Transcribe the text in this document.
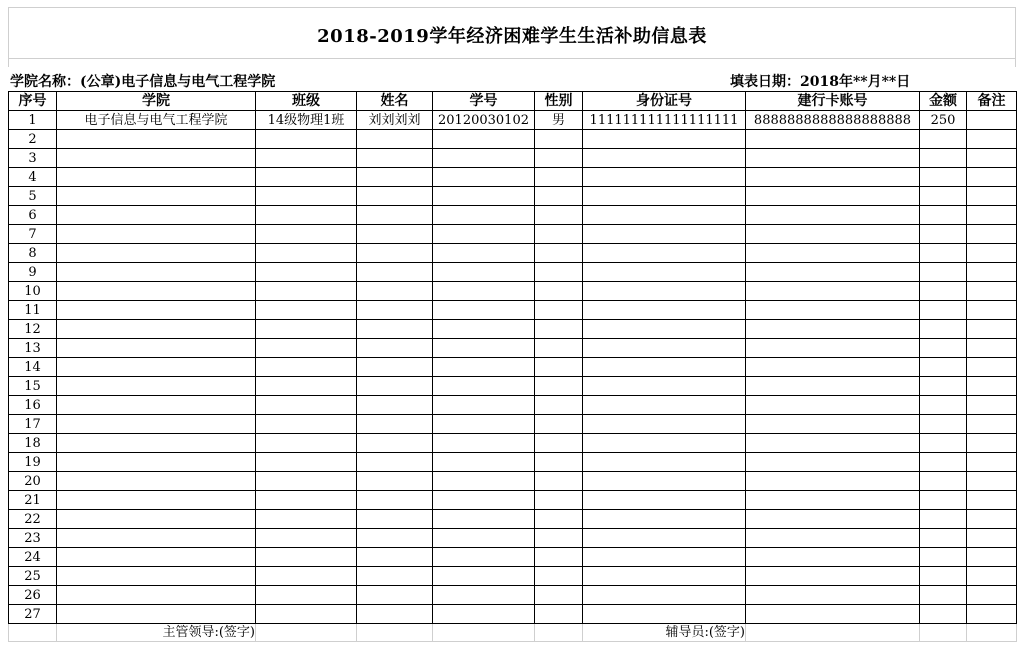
2018-2019学年经济困难学生生活补助信息表
学院名称：(公章)电子信息与电气工程学院	填表日期：2018年**月**日
序号	学院	班级	姓名	学号	性别	身份证号	建行卡账号	金额	备注
1	电子信息与电气工程学院	14级物理1班	刘刘刘刘	20120030102	男	111111111111111111	8888888888888888888	250	
2									
3									
4									
5									
6									
7									
8									
9									
10									
11									
12									
13									
14									
15									
16									
17									
18									
19									
20									
21									
22									
23									
24									
25									
26									
27									
	主管领导:(签字)					辅导员:(签字)			
